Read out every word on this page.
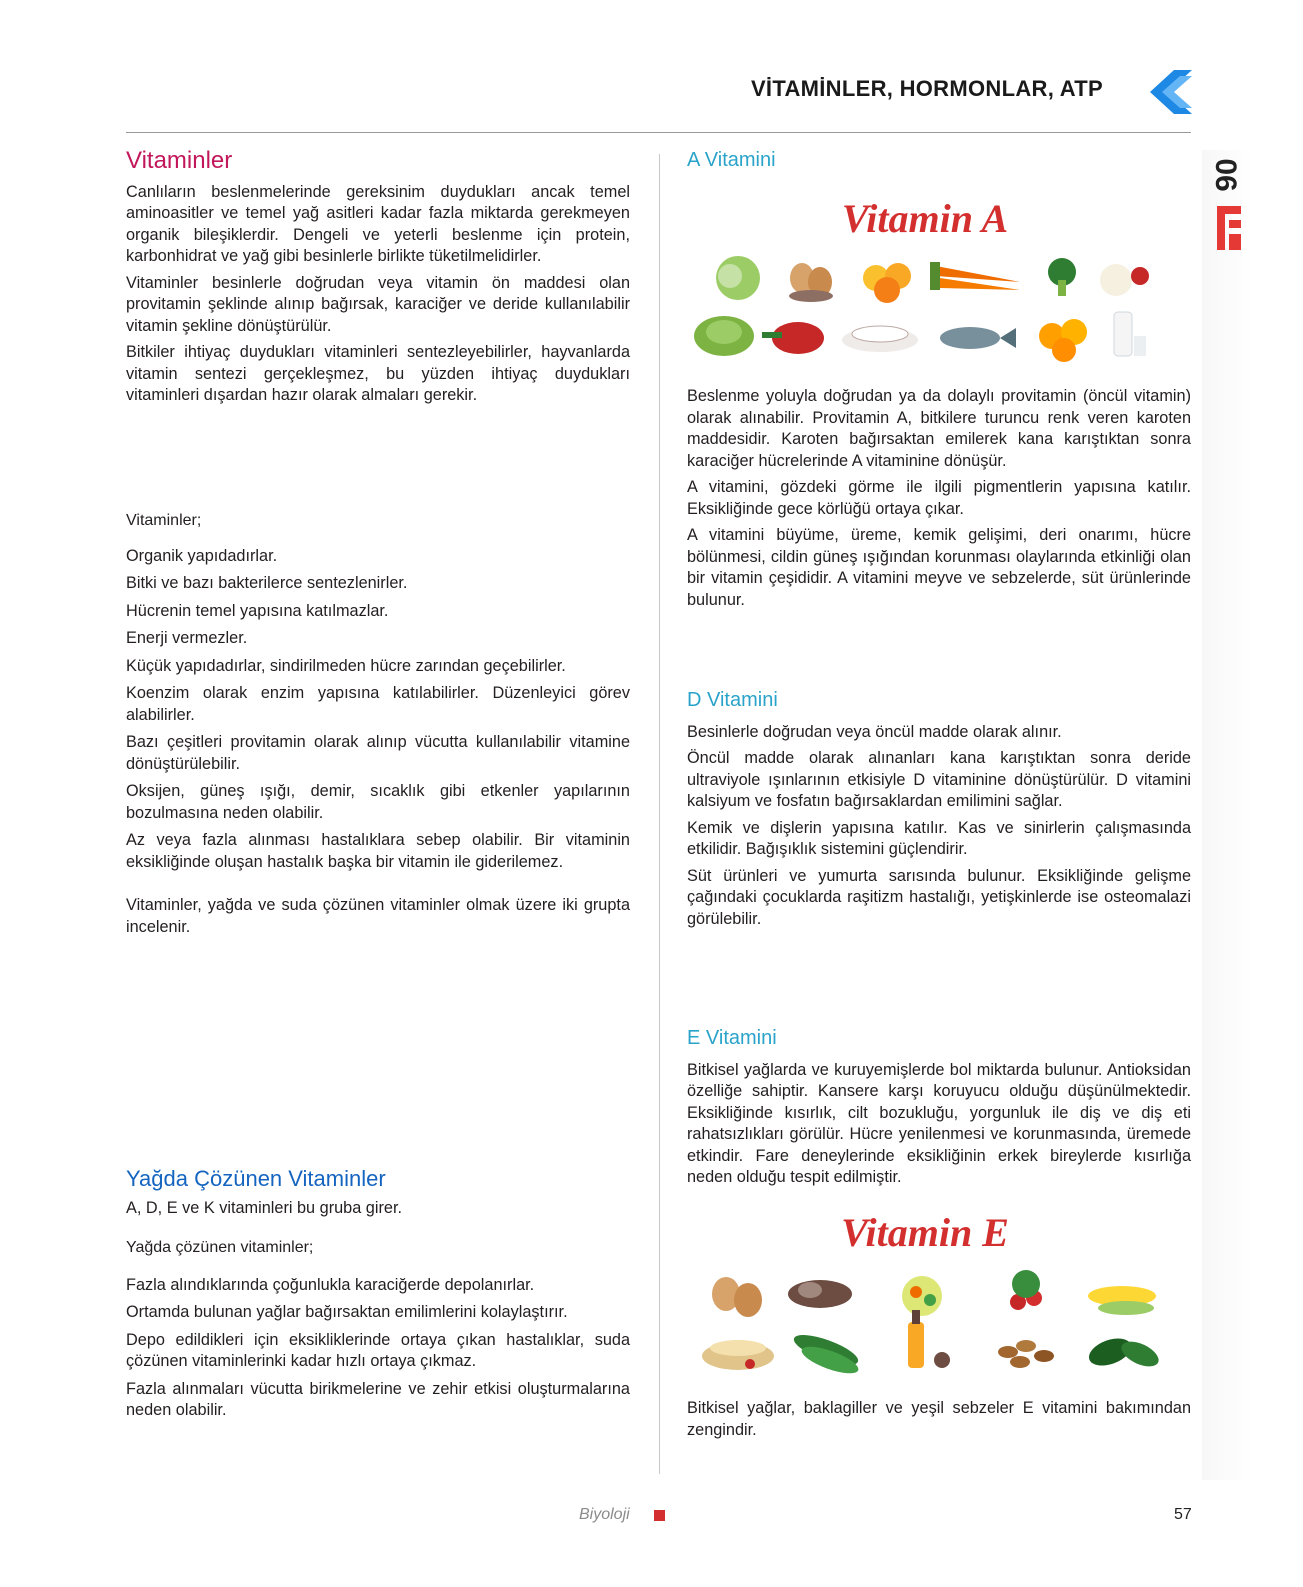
VİTAMİNLER, HORMONLAR, ATP
06
Vitaminler

Canlıların beslenmelerinde gereksinim duydukları ancak temel aminoasitler ve temel yağ asitleri kadar fazla miktarda gerekmeyen organik bileşiklerdir. Dengeli ve yeterli beslenme için protein, karbonhidrat ve yağ gibi besinlerle birlikte tüketilmelidirler.

Vitaminler besinlerle doğrudan veya vitamin ön maddesi olan provitamin şeklinde alınıp bağırsak, karaciğer ve deride kullanılabilir vitamin şekline dönüştürülür.

Bitkiler ihtiyaç duydukları vitaminleri sentezleyebilirler, hayvanlarda vitamin sentezi gerçekleşmez, bu yüzden ihtiyaç duydukları vitaminleri dışardan hazır olarak almaları gerekir.

Vitaminler;

Organik yapıdadırlar.

Bitki ve bazı bakterilerce sentezlenirler.

Hücrenin temel yapısına katılmazlar.

Enerji vermezler.

Küçük yapıdadırlar, sindirilmeden hücre zarından geçebilirler.

Koenzim olarak enzim yapısına katılabilirler. Düzenleyici görev alabilirler.

Bazı çeşitleri provitamin olarak alınıp vücutta kullanılabilir vitamine dönüştürülebilir.

Oksijen, güneş ışığı, demir, sıcaklık gibi etkenler yapılarının bozulmasına neden olabilir.

Az veya fazla alınması hastalıklara sebep olabilir. Bir vitaminin eksikliğinde oluşan hastalık başka bir vitamin ile giderilemez.

Vitaminler, yağda ve suda çözünen vitaminler olmak üzere iki grupta incelenir.

Yağda Çözünen Vitaminler

A, D, E ve K vitaminleri bu gruba girer.

Yağda çözünen vitaminler;

Fazla alındıklarında çoğunlukla karaciğerde depolanırlar.

Ortamda bulunan yağlar bağırsaktan emilimlerini kolaylaştırır.

Depo edildikleri için eksikliklerinde ortaya çıkan hastalıklar, suda çözünen vitaminlerinki kadar hızlı ortaya çıkmaz.

Fazla alınmaları vücutta birikmelerine ve zehir etkisi oluşturmalarına neden olabilir.

A Vitamini
Vitamin A

Beslenme yoluyla doğrudan ya da dolaylı provitamin (öncül vitamin) olarak alınabilir. Provitamin A, bitkilere turuncu renk veren karoten maddesidir. Karoten bağırsaktan emilerek kana karıştıktan sonra karaciğer hücrelerinde A vitaminine dönüşür.

A vitamini, gözdeki görme ile ilgili pigmentlerin yapısına katılır. Eksikliğinde gece körlüğü ortaya çıkar.

A vitamini büyüme, üreme, kemik gelişimi, deri onarımı, hücre bölünmesi, cildin güneş ışığından korunması olaylarında etkinliği olan bir vitamin çeşididir. A vitamini meyve ve sebzelerde, süt ürünlerinde bulunur.

D Vitamini

Besinlerle doğrudan veya öncül madde olarak alınır.

Öncül madde olarak alınanları kana karıştıktan sonra deride ultraviyole ışınlarının etkisiyle D vitaminine dönüştürülür. D vitamini kalsiyum ve fosfatın bağırsaklardan emilimini sağlar.

Kemik ve dişlerin yapısına katılır. Kas ve sinirlerin çalışmasında etkilidir. Bağışıklık sistemini güçlendirir.

Süt ürünleri ve yumurta sarısında bulunur. Eksikliğinde gelişme çağındaki çocuklarda raşitizm hastalığı, yetişkinlerde ise osteomalazi görülebilir.

E Vitamini

Bitkisel yağlarda ve kuruyemişlerde bol miktarda bulunur. Antioksidan özelliğe sahiptir. Kansere karşı koruyucu olduğu düşünülmektedir. Eksikliğinde kısırlık, cilt bozukluğu, yorgunluk ile diş ve diş eti rahatsızlıkları görülür. Hücre yenilenmesi ve korunmasında, üremede etkindir. Fare deneylerinde eksikliğinin erkek bireylerde kısırlığa neden olduğu tespit edilmiştir.

Vitamin E

Bitkisel yağlar, baklagiller ve yeşil sebzeler E vitamini bakımından zengindir.

Biyoloji	57
